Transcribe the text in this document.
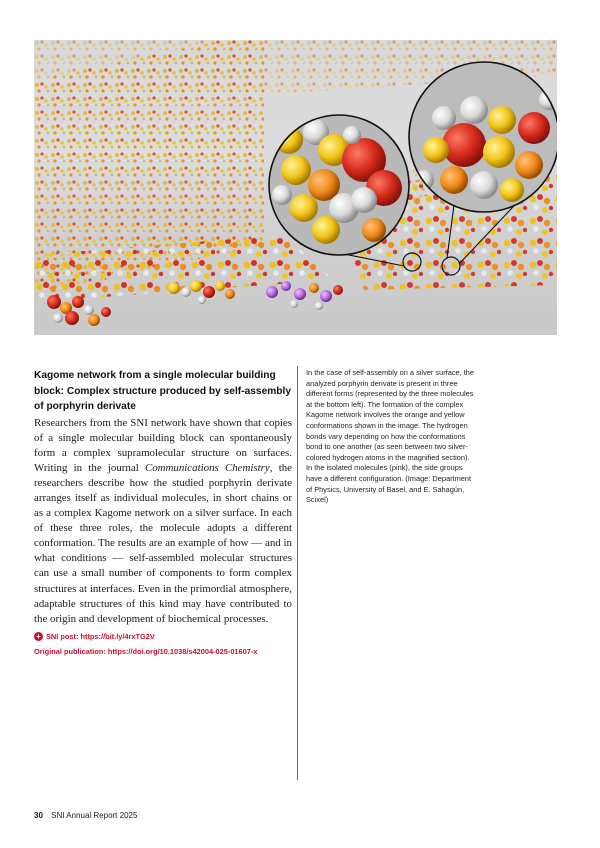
Kagome network from a single molecular building block: Complex structure produced by self-assembly of porphyrin derivate

Researchers from the SNI network have shown that copies of a single molecular building block can spontaneously form a complex supramolecular structure on surfaces. Writing in the journal Communications Chemistry, the researchers describe how the studied porphyrin derivate arranges itself as individual molecules, in short chains or as a complex Kagome network on a silver surface. In each of these three roles, the molecule adopts a different conformation. The results are an example of how — and in what conditions — self-assembled molecular structures can use a small number of components to form complex structures at interfaces. Even in the primordial atmosphere, adaptable structures of this kind may have contributed to the origin and development of biochemical processes.

+ SNI post: https://bit.ly/4rxTG2V
Original publication: https://doi.org/10.1038/s42004-025-01607-x

In the case of self-assembly on a silver surface, the analyzed porphyrin derivate is present in three different forms (represented by the three molecules at the bottom left). The formation of the complex Kagome network involves the orange and yellow conformations shown in the image. The hydrogen bonds vary depending on how the conformations bond to one another (as seen between two silver-colored hydrogen atoms in the magnified section). In the isolated molecules (pink), the side groups have a different configuration. (Image: Department of Physics, University of Basel, and E. Sahagún, Scixel)

30 SNI Annual Report 2025
